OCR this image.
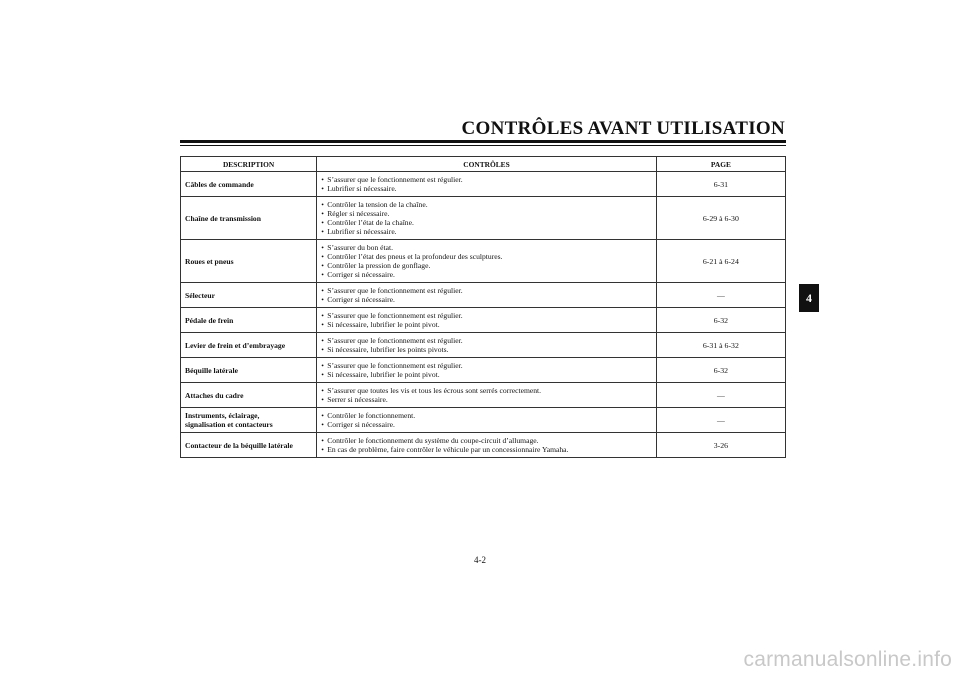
CONTRÔLES AVANT UTILISATION
4
DESCRIPTION	CONTRÔLES	PAGE
Câbles de commande	• S’assurer que le fonctionnement est régulier.
• Lubrifier si nécessaire.	6-31
Chaîne de transmission	• Contrôler la tension de la chaîne.
• Régler si nécessaire.
• Contrôler l’état de la chaîne.
• Lubrifier si nécessaire.	6-29 à 6-30
Roues et pneus	• S’assurer du bon état.
• Contrôler l’état des pneus et la profondeur des sculptures.
• Contrôler la pression de gonflage.
• Corriger si nécessaire.	6-21 à 6-24
Sélecteur	• S’assurer que le fonctionnement est régulier.
• Corriger si nécessaire.	—
Pédale de frein	• S’assurer que le fonctionnement est régulier.
• Si nécessaire, lubrifier le point pivot.	6-32
Levier de frein et d’embrayage	• S’assurer que le fonctionnement est régulier.
• Si nécessaire, lubrifier les points pivots.	6-31 à 6-32
Béquille latérale	• S’assurer que le fonctionnement est régulier.
• Si nécessaire, lubrifier le point pivot.	6-32
Attaches du cadre	• S’assurer que toutes les vis et tous les écrous sont serrés correctement.
• Serrer si nécessaire.	—
Instruments, éclairage,
signalisation et contacteurs	• Contrôler le fonctionnement.
• Corriger si nécessaire.	—
Contacteur de la béquille latérale	• Contrôler le fonctionnement du système du coupe-circuit d’allumage.
• En cas de problème, faire contrôler le véhicule par un concessionnaire Yamaha.	3-26
4-2
carmanualsonline.info
